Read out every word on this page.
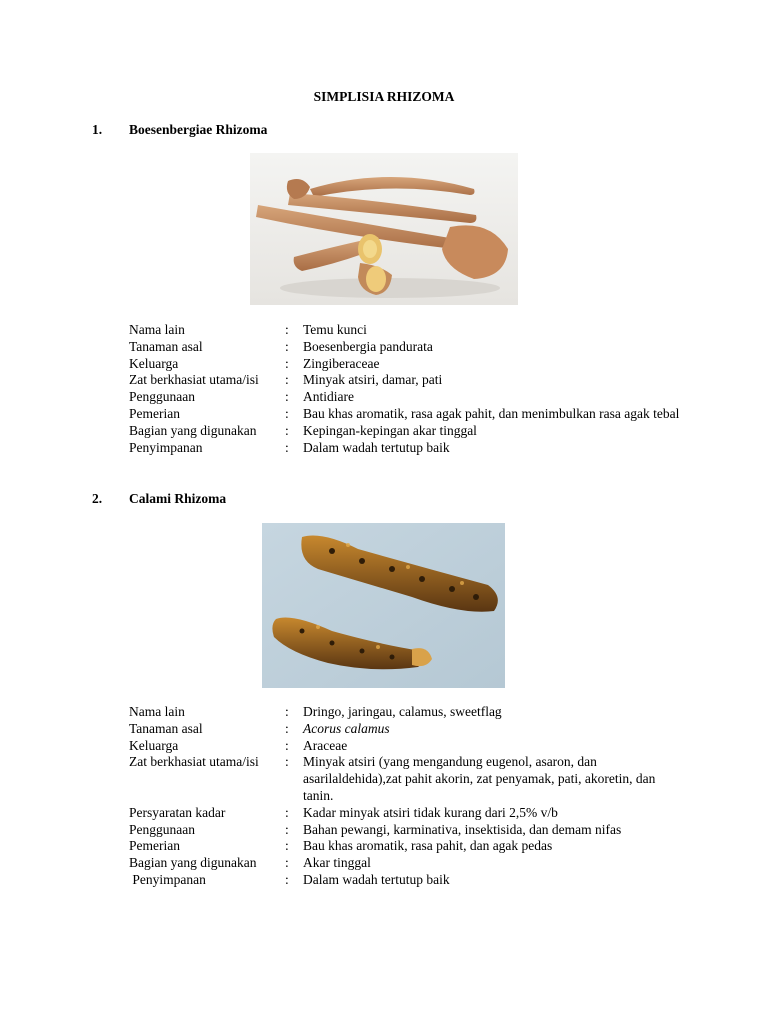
SIMPLISIA RHIZOMA
1. Boesenbergiae Rhizoma
Nama lain	:	Temu kunci
Tanaman asal	:	Boesenbergia pandurata
Keluarga	:	Zingiberaceae
Zat berkhasiat utama/isi	:	Minyak atsiri, damar, pati
Penggunaan	:	Antidiare
Pemerian	:	Bau khas aromatik, rasa agak pahit, dan menimbulkan rasa agak tebal
Bagian yang digunakan	:	Kepingan-kepingan akar tinggal
Penyimpanan	:	Dalam wadah tertutup baik
2. Calami Rhizoma
Nama lain	:	Dringo, jaringau, calamus, sweetflag
Tanaman asal	:	Acorus calamus
Keluarga	:	Araceae
Zat berkhasiat utama/isi	:	Minyak atsiri (yang mengandung eugenol, asaron, dan asarilaldehida),zat pahit akorin, zat penyamak, pati, akoretin, dan tanin.
Persyaratan kadar	:	Kadar minyak atsiri tidak kurang dari 2,5% v/b
Penggunaan	:	Bahan pewangi, karminativa, insektisida, dan demam nifas
Pemerian	:	Bau khas aromatik, rasa pahit, dan agak pedas
Bagian yang digunakan	:	Akar tinggal
Penyimpanan	:	Dalam wadah tertutup baik
